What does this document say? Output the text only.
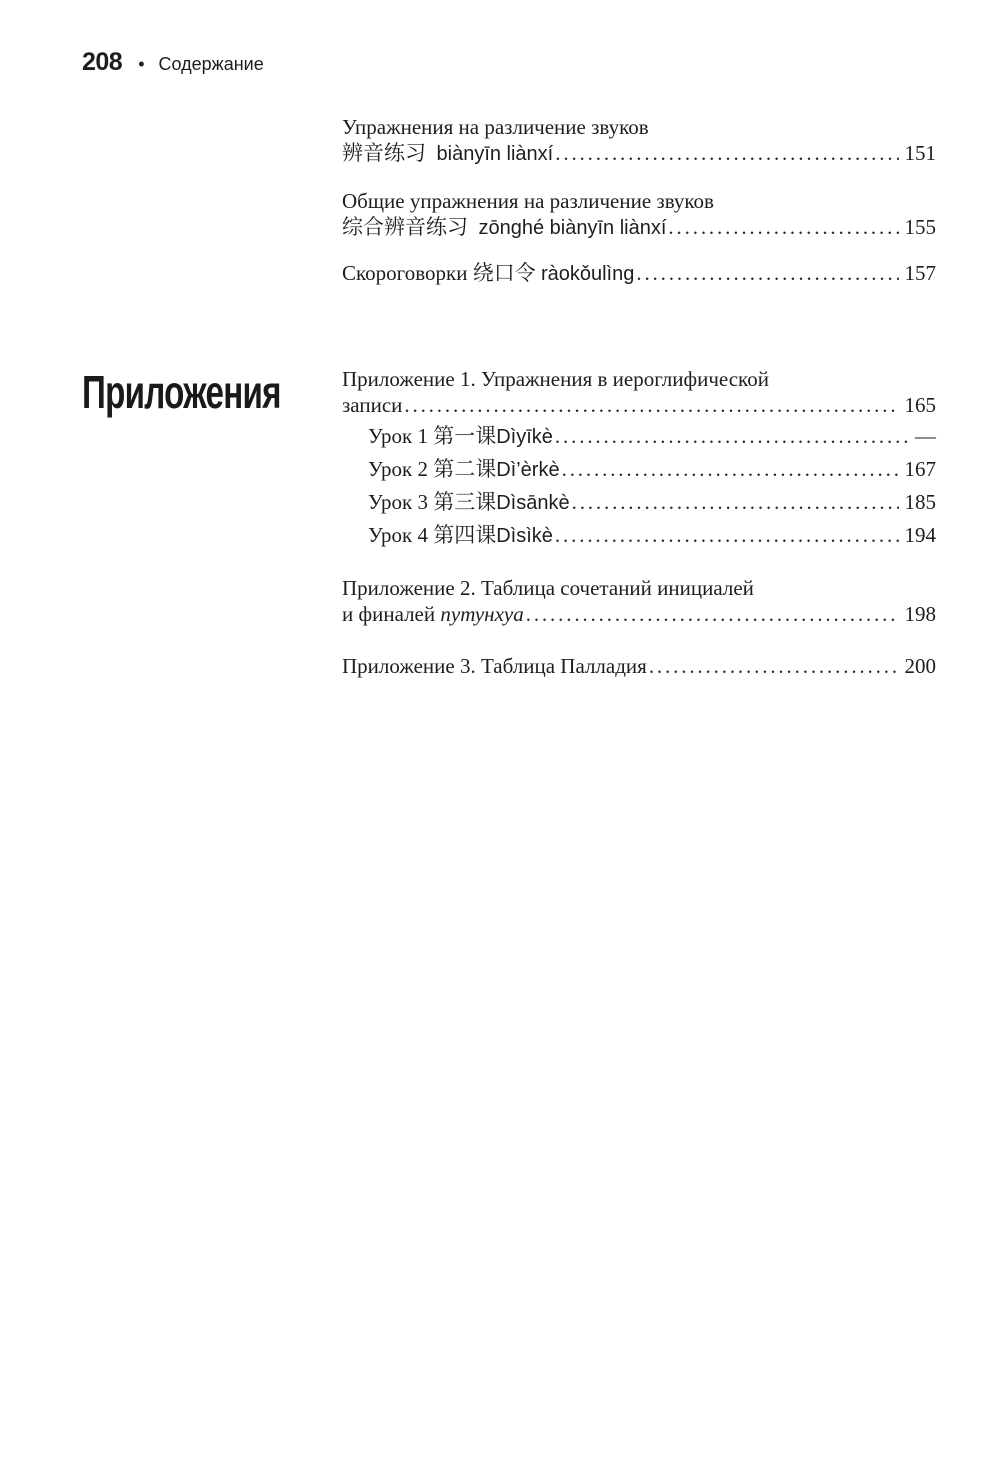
208 • Содержание
Упражнения на различение звуков
辨音练习 biànyīn liànxí . . .	151
Общие упражнения на различение звуков
综合辨音练习 zōnghé biànyīn liànxí . . .	155
Скороговорки 绕口令 ràokǒulìng . . .	157
Приложения	Приложение 1. Упражнения в иероглифической
записи . . .	165
Урок 1 第一课Dìyīkè . . .	—
Урок 2 第二课Dì’èrkè . . .	167
Урок 3 第三课Dìsānkè . . .	185
Урок 4 第四课Dìsìkè . . .	194
Приложение 2. Таблица сочетаний инициалей
и финалей путунхуа . . .	198
Приложение 3. Таблица Палладия . . .	200
